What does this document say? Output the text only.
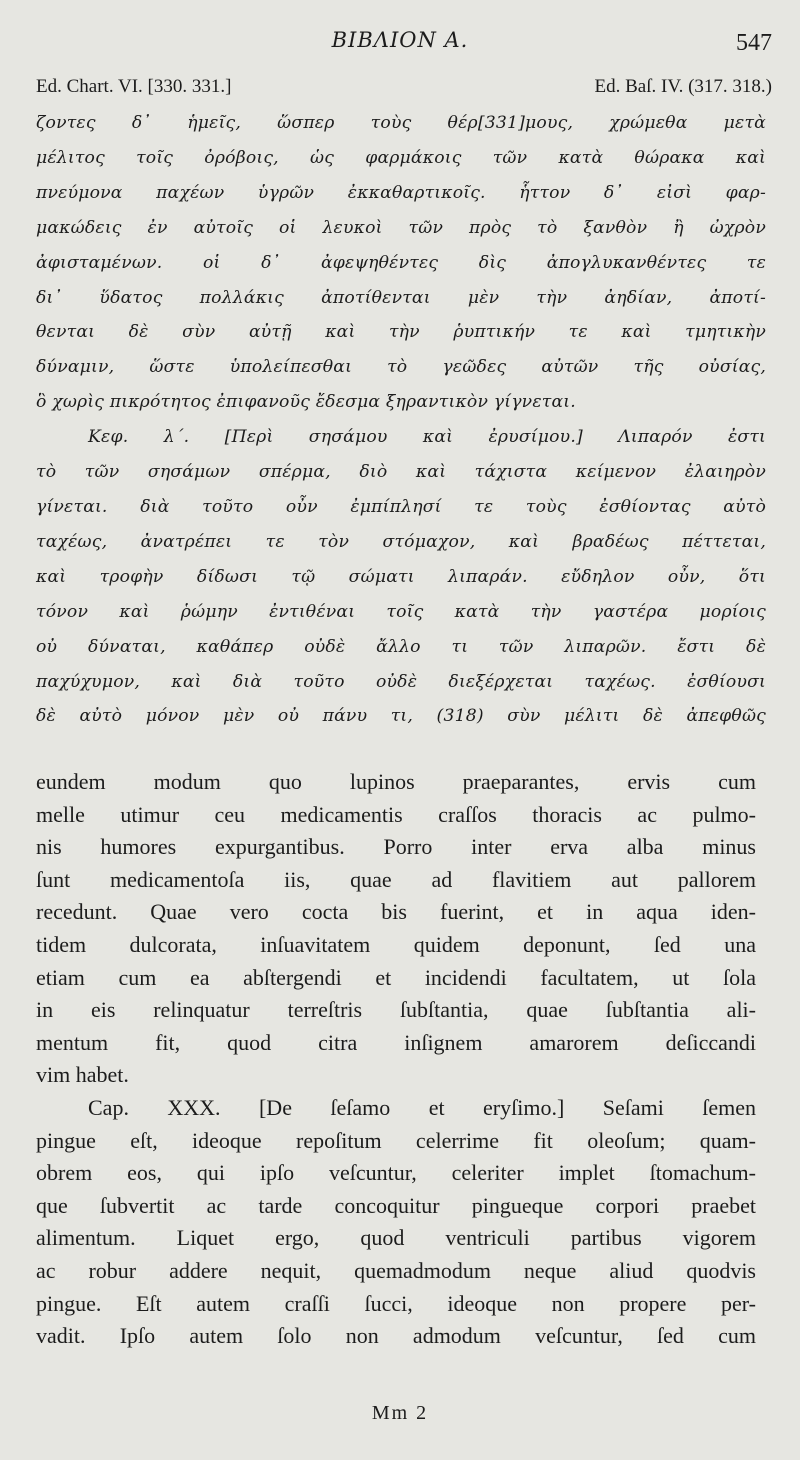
ΒΙΒΛΙΟΝ Α.	547
Ed. Chart. VI. [330. 331.]	Ed. Baſ. IV. (317. 318.)
ζοντες δ᾽ ἡμεῖς, ὥσπερ τοὺς θέρ[331]μους, χρώμεθα μετὰ
μέλιτος τοῖς ὀρόβοις, ὡς φαρμάκοις τῶν κατὰ θώρακα καὶ
πνεύμονα παχέων ὑγρῶν ἐκκαθαρτικοῖς. ἧττον δ᾽ εἰσὶ φαρ-
μακώδεις ἐν αὐτοῖς οἱ λευκοὶ τῶν πρὸς τὸ ξανθὸν ἢ ὠχρὸν
ἀφισταμένων. οἱ δ᾽ ἀφεψηθέντες δὶς ἀπογλυκανθέντες τε
δι᾽ ὕδατος πολλάκις ἀποτίθενται μὲν τὴν ἀηδίαν, ἀποτί-
θενται δὲ σὺν αὐτῇ καὶ τὴν ῥυπτικήν τε καὶ τμητικὴν
δύναμιν, ὥστε ὑπολείπεσθαι τὸ γεῶδες αὐτῶν τῆς οὐσίας,
ὃ χωρὶς πικρότητος ἐπιφανοῦς ἔδεσμα ξηραντικὸν γίγνεται.
Κεφ. λ΄. [Περὶ σησάμου καὶ ἐρυσίμου.] Λιπαρόν ἐστι
τὸ τῶν σησάμων σπέρμα, διὸ καὶ τάχιστα κείμενον ἐλαιηρὸν
γίνεται. διὰ τοῦτο οὖν ἐμπίπλησί τε τοὺς ἐσθίοντας αὐτὸ
ταχέως, ἀνατρέπει τε τὸν στόμαχον, καὶ βραδέως πέττεται,
καὶ τροφὴν δίδωσι τῷ σώματι λιπαράν. εὔδηλον οὖν, ὅτι
τόνον καὶ ῥώμην ἐντιθέναι τοῖς κατὰ τὴν γαστέρα μορίοις
οὐ δύναται, καθάπερ οὐδὲ ἄλλο τι τῶν λιπαρῶν. ἔστι δὲ
παχύχυμον, καὶ διὰ τοῦτο οὐδὲ διεξέρχεται ταχέως. ἐσθίουσι
δὲ αὐτὸ μόνον μὲν οὐ πάνυ τι, (318) σὺν μέλιτι δὲ ἀπεφθῶς
eundem modum quo lupinos praeparantes, ervis cum
melle utimur ceu medicamentis craſſos thoracis ac pulmo-
nis humores expurgantibus. Porro inter erva alba minus
ſunt medicamentoſa iis, quae ad flavitiem aut pallorem
recedunt. Quae vero cocta bis fuerint, et in aqua iden-
tidem dulcorata, inſuavitatem quidem deponunt, ſed una
etiam cum ea abſtergendi et incidendi facultatem, ut ſola
in eis relinquatur terreſtris ſubſtantia, quae ſubſtantia ali-
mentum fit, quod citra inſignem amarorem deſiccandi
vim habet.
Cap. XXX. [De ſeſamo et eryſimo.] Seſami ſemen
pingue eſt, ideoque repoſitum celerrime fit oleoſum; quam-
obrem eos, qui ipſo veſcuntur, celeriter implet ſtomachum-
que ſubvertit ac tarde concoquitur pingueque corpori praebet
alimentum. Liquet ergo, quod ventriculi partibus vigorem
ac robur addere nequit, quemadmodum neque aliud quodvis
pingue. Eſt autem craſſi ſucci, ideoque non propere per-
vadit. Ipſo autem ſolo non admodum veſcuntur, ſed cum
Mm 2
